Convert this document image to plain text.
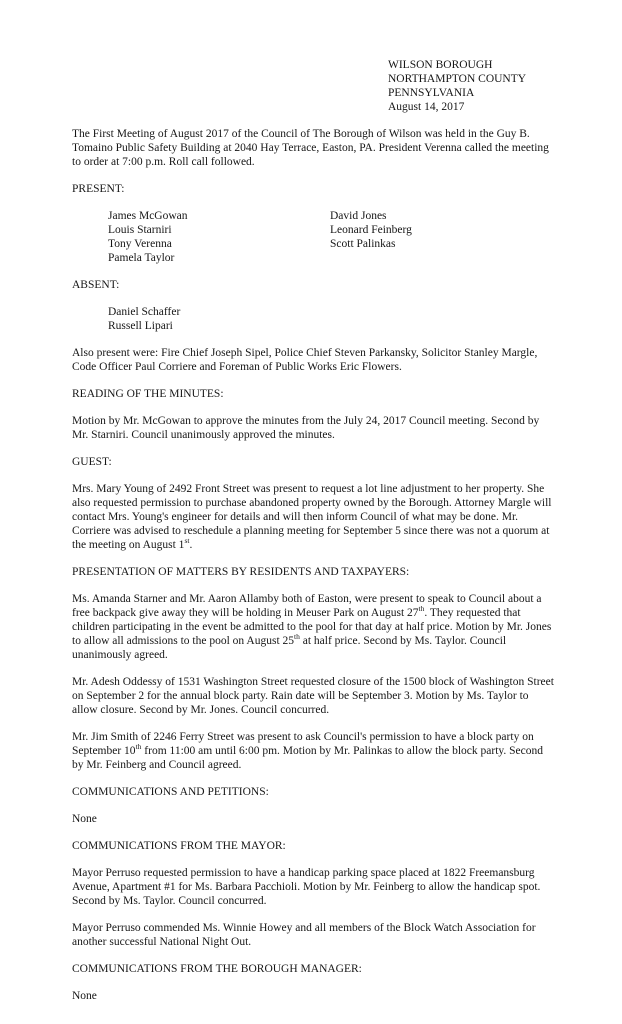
WILSON BOROUGH
NORTHAMPTON COUNTY
PENNSYLVANIA
August 14, 2017

The First Meeting of August 2017 of the Council of The Borough of Wilson was held in the Guy B. Tomaino Public Safety Building at 2040 Hay Terrace, Easton, PA. President Verenna called the meeting to order at 7:00 p.m. Roll call followed.

PRESENT:

James McGowan
Louis Starniri
Tony Verenna
Pamela Taylor
David Jones
Leonard Feinberg
Scott Palinkas

ABSENT:

Daniel Schaffer
Russell Lipari

Also present were: Fire Chief Joseph Sipel, Police Chief Steven Parkansky, Solicitor Stanley Margle, Code Officer Paul Corriere and Foreman of Public Works Eric Flowers.

READING OF THE MINUTES:

Motion by Mr. McGowan to approve the minutes from the July 24, 2017 Council meeting. Second by Mr. Starniri. Council unanimously approved the minutes.

GUEST:

Mrs. Mary Young of 2492 Front Street was present to request a lot line adjustment to her property. She also requested permission to purchase abandoned property owned by the Borough. Attorney Margle will contact Mrs. Young's engineer for details and will then inform Council of what may be done. Mr. Corriere was advised to reschedule a planning meeting for September 5 since there was not a quorum at the meeting on August 1st.

PRESENTATION OF MATTERS BY RESIDENTS AND TAXPAYERS:

Ms. Amanda Starner and Mr. Aaron Allamby both of Easton, were present to speak to Council about a free backpack give away they will be holding in Meuser Park on August 27th. They requested that children participating in the event be admitted to the pool for that day at half price. Motion by Mr. Jones to allow all admissions to the pool on August 25th at half price. Second by Ms. Taylor. Council unanimously agreed.

Mr. Adesh Oddessy of 1531 Washington Street requested closure of the 1500 block of Washington Street on September 2 for the annual block party. Rain date will be September 3. Motion by Ms. Taylor to allow closure. Second by Mr. Jones. Council concurred.

Mr. Jim Smith of 2246 Ferry Street was present to ask Council's permission to have a block party on September 10th from 11:00 am until 6:00 pm. Motion by Mr. Palinkas to allow the block party. Second by Mr. Feinberg and Council agreed.

COMMUNICATIONS AND PETITIONS:

None

COMMUNICATIONS FROM THE MAYOR:

Mayor Perruso requested permission to have a handicap parking space placed at 1822 Freemansburg Avenue, Apartment #1 for Ms. Barbara Pacchioli. Motion by Mr. Feinberg to allow the handicap spot. Second by Ms. Taylor. Council concurred.

Mayor Perruso commended Ms. Winnie Howey and all members of the Block Watch Association for another successful National Night Out.

COMMUNICATIONS FROM THE BOROUGH MANAGER:

None
